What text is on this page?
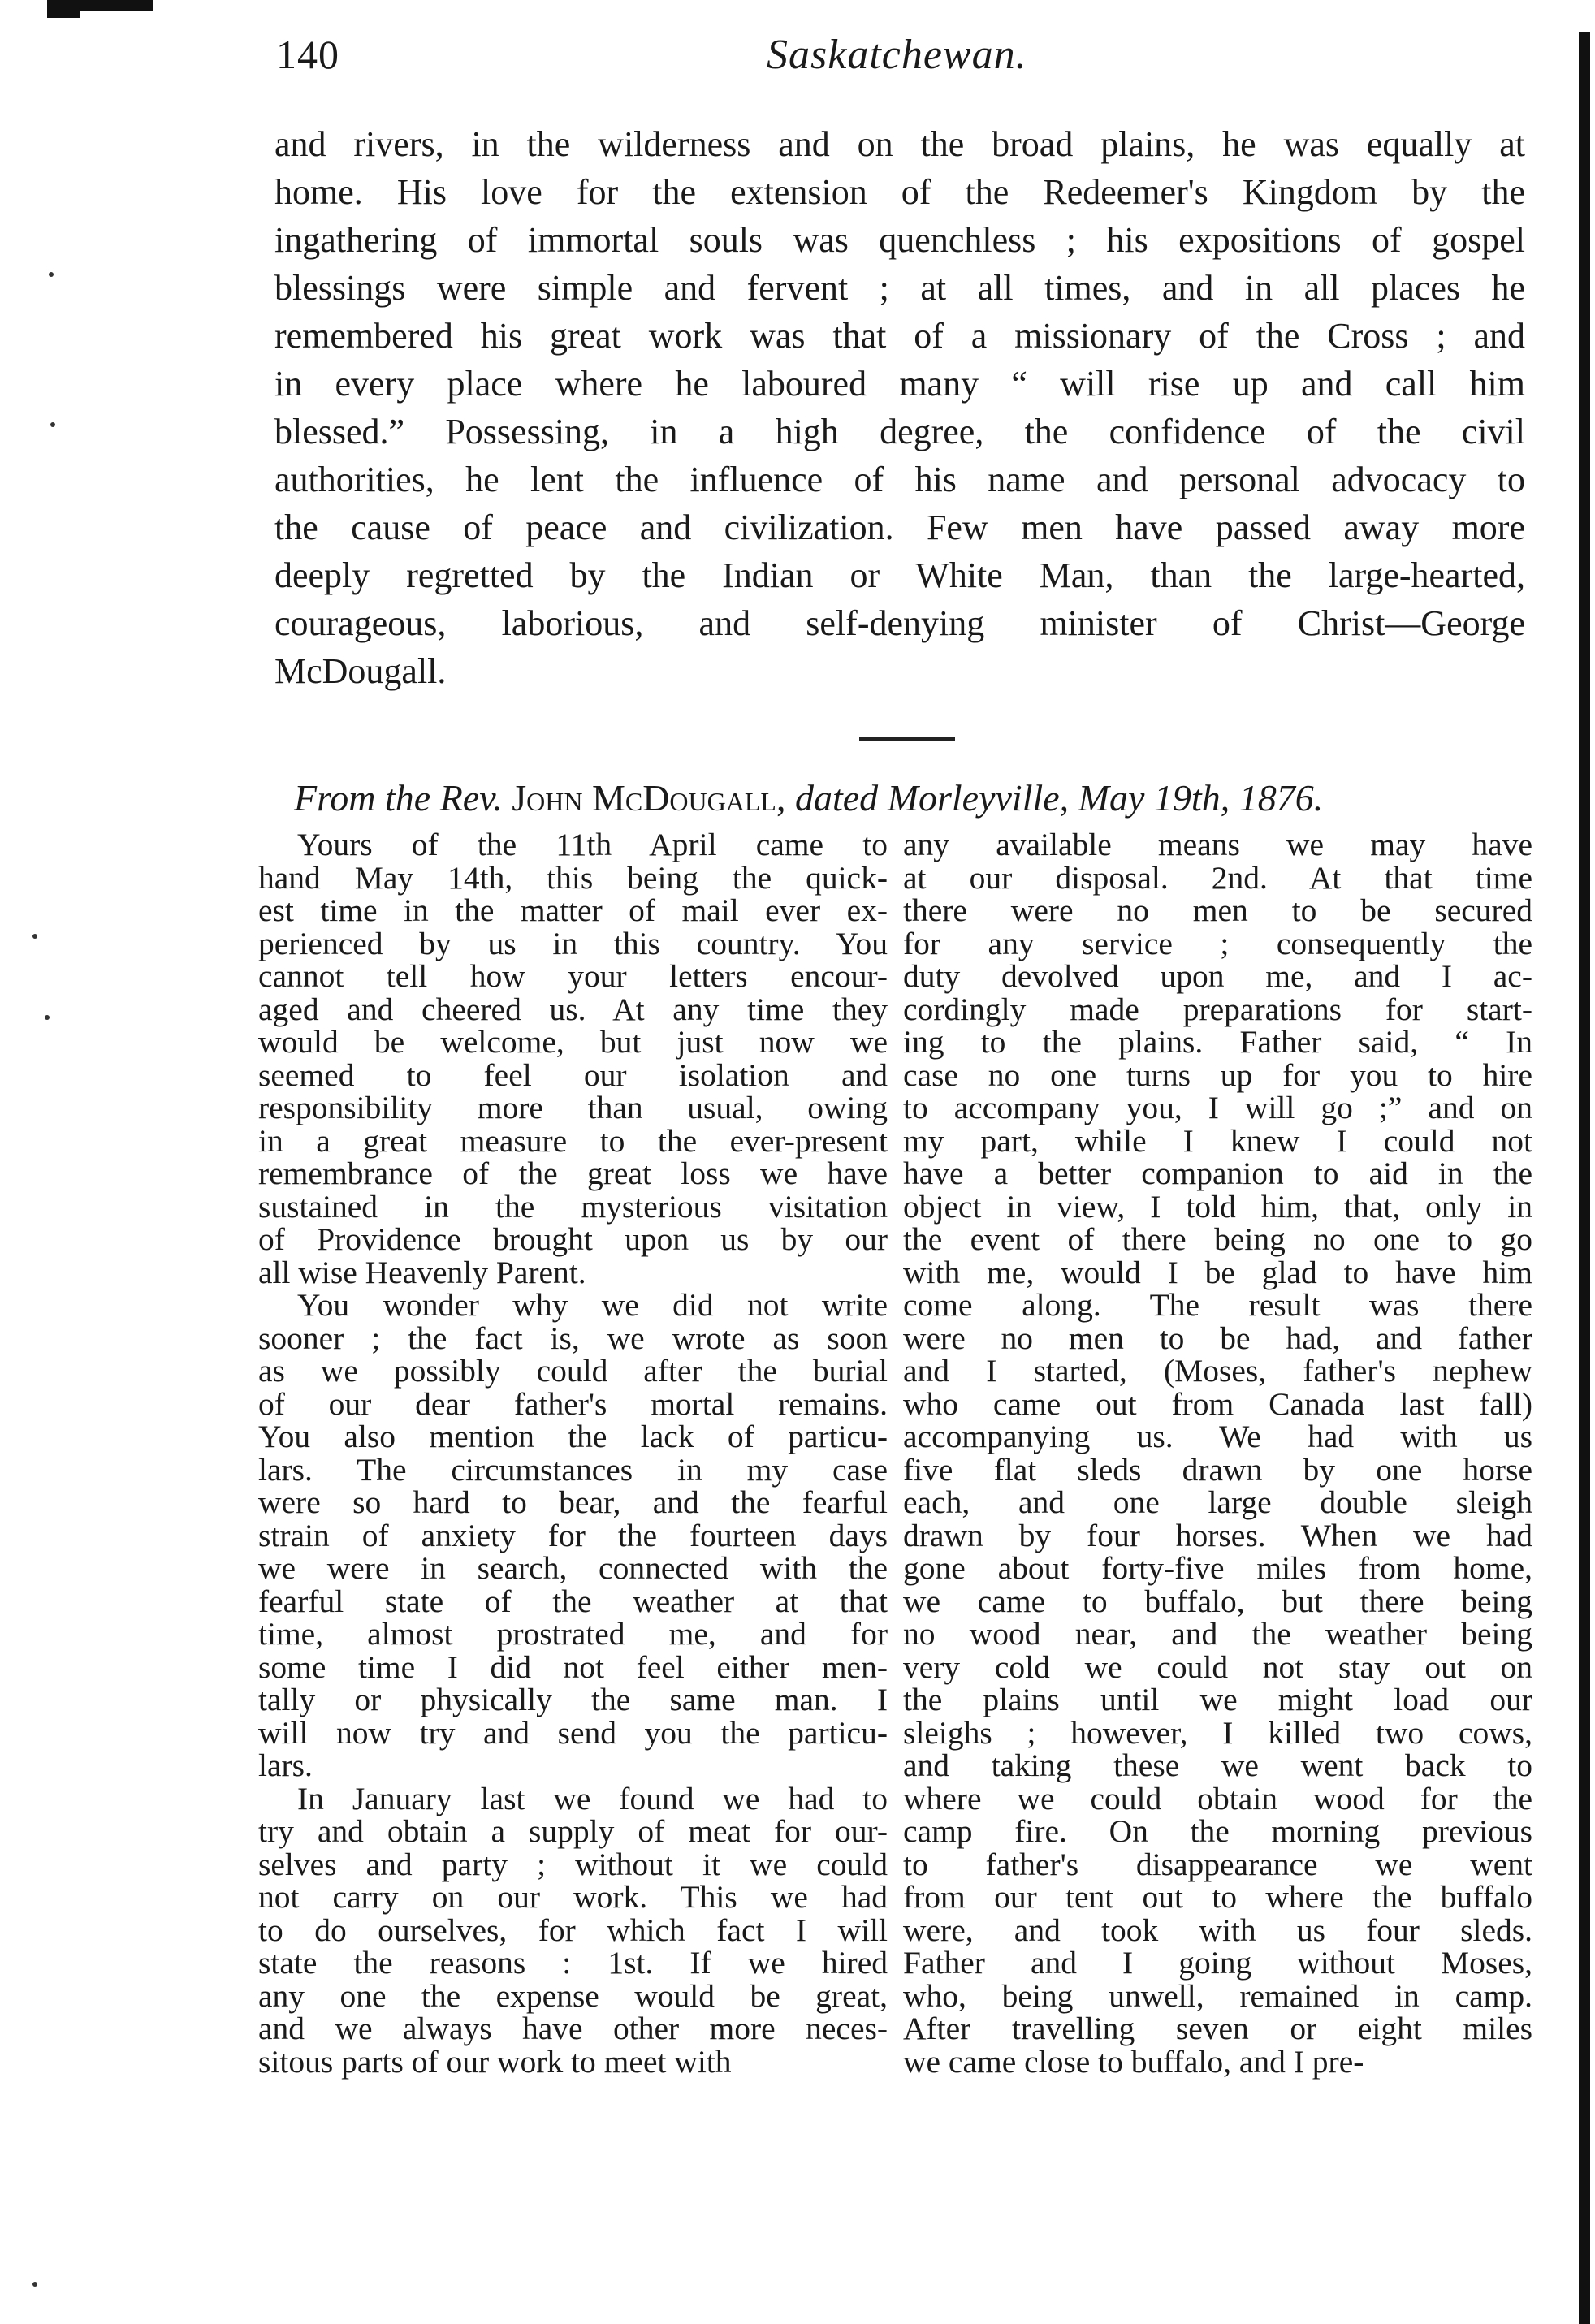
140	Saskatchewan.
and rivers, in the wilderness and on the broad plains, he was equally at
home. His love for the extension of the Redeemer's Kingdom by the
ingathering of immortal souls was quenchless ; his expositions of gospel
blessings were simple and fervent ; at all times, and in all places he
remembered his great work was that of a missionary of the Cross ; and
in every place where he laboured many “ will rise up and call him
blessed.” Possessing, in a high degree, the confidence of the civil
authorities, he lent the influence of his name and personal advocacy to
the cause of peace and civilization. Few men have passed away more
deeply regretted by the Indian or White Man, than the large-hearted,
courageous, laborious, and self-denying minister of Christ—George
McDougall.
From the Rev. John McDougall, dated Morleyville, May 19th, 1876.
Yours of the 11th April came to
hand May 14th, this being the quick-
est time in the matter of mail ever ex-
perienced by us in this country. You
cannot tell how your letters encour-
aged and cheered us. At any time they
would be welcome, but just now we
seemed to feel our isolation and
responsibility more than usual, owing
in a great measure to the ever-present
remembrance of the great loss we have
sustained in the mysterious visitation
of Providence brought upon us by our
all wise Heavenly Parent.
You wonder why we did not write
sooner ; the fact is, we wrote as soon
as we possibly could after the burial
of our dear father's mortal remains.
You also mention the lack of particu-
lars. The circumstances in my case
were so hard to bear, and the fearful
strain of anxiety for the fourteen days
we were in search, connected with the
fearful state of the weather at that
time, almost prostrated me, and for
some time I did not feel either men-
tally or physically the same man. I
will now try and send you the particu-
lars.
In January last we found we had to
try and obtain a supply of meat for our-
selves and party ; without it we could
not carry on our work. This we had
to do ourselves, for which fact I will
state the reasons : 1st. If we hired
any one the expense would be great,
and we always have other more neces-
sitous parts of our work to meet with
any available means we may have
at our disposal. 2nd. At that time
there were no men to be secured
for any service ; consequently the
duty devolved upon me, and I ac-
cordingly made preparations for start-
ing to the plains. Father said, “ In
case no one turns up for you to hire
to accompany you, I will go ;” and on
my part, while I knew I could not
have a better companion to aid in the
object in view, I told him, that, only in
the event of there being no one to go
with me, would I be glad to have him
come along. The result was there
were no men to be had, and father
and I started, (Moses, father's nephew
who came out from Canada last fall)
accompanying us. We had with us
five flat sleds drawn by one horse
each, and one large double sleigh
drawn by four horses. When we had
gone about forty-five miles from home,
we came to buffalo, but there being
no wood near, and the weather being
very cold we could not stay out on
the plains until we might load our
sleighs ; however, I killed two cows,
and taking these we went back to
where we could obtain wood for the
camp fire. On the morning previous
to father's disappearance we went
from our tent out to where the buffalo
were, and took with us four sleds.
Father and I going without Moses,
who, being unwell, remained in camp.
After travelling seven or eight miles
we came close to buffalo, and I pre-
